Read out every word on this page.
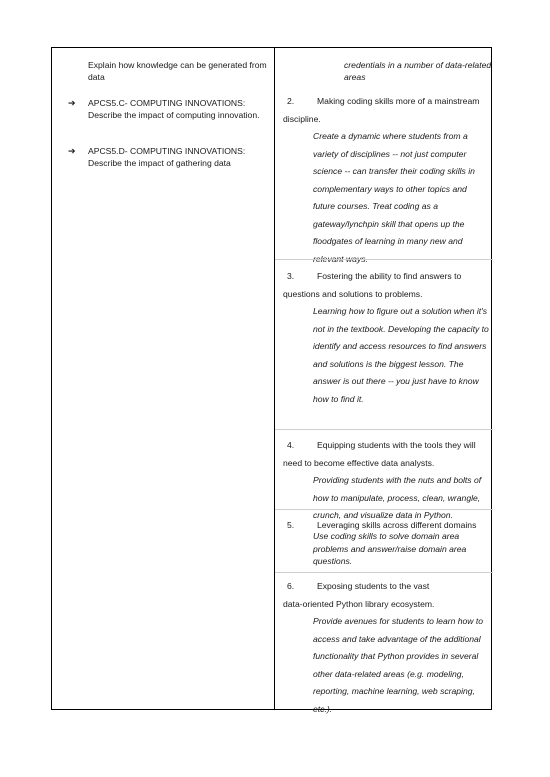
Explain how knowledge can be generated from data
➔ APCS5.C- COMPUTING INNOVATIONS: Describe the impact of computing innovation.
➔ APCS5.D- COMPUTING INNOVATIONS: Describe the impact of gathering data
credentials in a number of data-related areas
2.	Making coding skills more of a mainstream
discipline.
Create a dynamic where students from a variety of disciplines -- not just computer science -- can transfer their coding skills in complementary ways to other topics and future courses. Treat coding as a gateway/lynchpin skill that opens up the floodgates of learning in many new and
3.	Fostering the ability to find answers to
questions and solutions to problems.
Learning how to figure out a solution when it's not in the textbook. Developing the capacity to identify and access resources to find answers and solutions is the biggest lesson. The answer is out there -- you just have to know how to find it.
4.	Equipping students with the tools they will
need to become effective data analysts.
Providing students with the nuts and bolts of how to manipulate, process, clean, wrangle, crunch, and visualize data in Python.
5.	Leveraging skills across different domains
Use coding skills to solve domain area problems and answer/raise domain area questions.
6.	Exposing students to the vast
data-oriented Python library ecosystem.
Provide avenues for students to learn how to access and take advantage of the additional functionality that Python provides in several other data-related areas (e.g. modeling, reporting, machine learning, web scraping, etc.).
